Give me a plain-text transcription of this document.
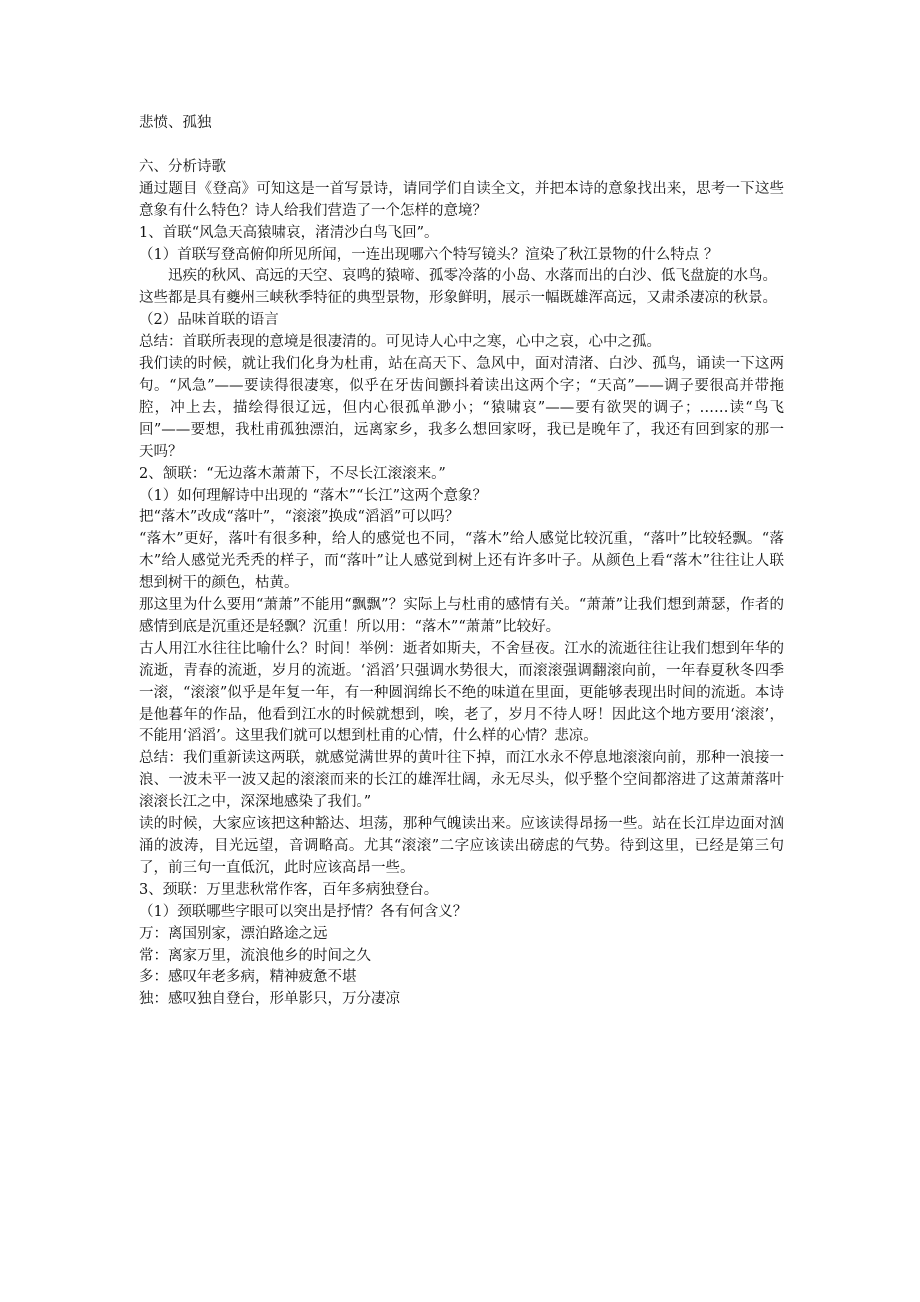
悲愤、孤独

六、分析诗歌

通过题目《登高》可知这是一首写景诗，请同学们自读全文，并把本诗的意象找出来，思考一下这些意象有什么特色？诗人给我们营造了一个怎样的意境？

1、首联“风急天高猿啸哀，渚清沙白鸟飞回”。

（1）首联写登高俯仰所见所闻，一连出现哪六个特写镜头？渲染了秋江景物的什么特点 ？

迅疾的秋风、高远的天空、哀鸣的猿啼、孤零冷落的小岛、水落而出的白沙、低飞盘旋的水鸟。

这些都是具有夔州三峡秋季特征的典型景物，形象鲜明，展示一幅既雄浑高远，又肃杀凄凉的秋景。

（2）品味首联的语言

总结：首联所表现的意境是很凄清的。可见诗人心中之寒，心中之哀，心中之孤。

我们读的时候，就让我们化身为杜甫，站在高天下、急风中，面对清渚、白沙、孤鸟，诵读一下这两句。“风急”——要读得很凄寒，似乎在牙齿间颤抖着读出这两个字；“天高”——调子要很高并带拖腔，冲上去，描绘得很辽远，但内心很孤单渺小；“猿啸哀”——要有欲哭的调子；……读“鸟飞回”——要想，我杜甫孤独漂泊，远离家乡，我多么想回家呀，我已是晚年了，我还有回到家的那一天吗？

2、颔联：“无边落木萧萧下，不尽长江滚滚来。”

（1）如何理解诗中出现的 “落木”“长江”这两个意象？

把“落木”改成“落叶”，“滚滚”换成“滔滔”可以吗？

“落木”更好，落叶有很多种，给人的感觉也不同，“落木”给人感觉比较沉重，“落叶”比较轻飘。“落木”给人感觉光秃秃的样子，而“落叶”让人感觉到树上还有许多叶子。从颜色上看“落木”往往让人联想到树干的颜色，枯黄。

那这里为什么要用“萧萧”不能用“飘飘”？实际上与杜甫的感情有关。“萧萧”让我们想到萧瑟，作者的感情到底是沉重还是轻飘？沉重！所以用：“落木”“萧萧”比较好。

古人用江水往往比喻什么？时间！举例：逝者如斯夫，不舍昼夜。江水的流逝往往让我们想到年华的流逝，青春的流逝，岁月的流逝。‘滔滔’只强调水势很大，而滚滚强调翻滚向前，一年春夏秋冬四季一滚，“滚滚”似乎是年复一年，有一种圆润绵长不绝的味道在里面，更能够表现出时间的流逝。本诗是他暮年的作品，他看到江水的时候就想到，唉，老了，岁月不待人呀！因此这个地方要用‘滚滚’，不能用‘滔滔’。这里我们就可以想到杜甫的心情，什么样的心情？悲凉。

总结：我们重新读这两联，就感觉满世界的黄叶往下掉，而江水永不停息地滚滚向前，那种一浪接一浪、一波未平一波又起的滚滚而来的长江的雄浑壮阔，永无尽头，似乎整个空间都溶进了这萧萧落叶滚滚长江之中，深深地感染了我们。”

读的时候，大家应该把这种豁达、坦荡，那种气魄读出来。应该读得昂扬一些。站在长江岸边面对汹涌的波涛，目光远望，音调略高。尤其“滚滚”二字应该读出磅虑的气势。待到这里，已经是第三句了，前三句一直低沉，此时应该高昂一些。

3、颈联：万里悲秋常作客，百年多病独登台。

（1）颈联哪些字眼可以突出是抒情？各有何含义？

万：离国别家，漂泊路途之远

常：离家万里，流浪他乡的时间之久

多：感叹年老多病，精神疲惫不堪

独：感叹独自登台，形单影只，万分凄凉
